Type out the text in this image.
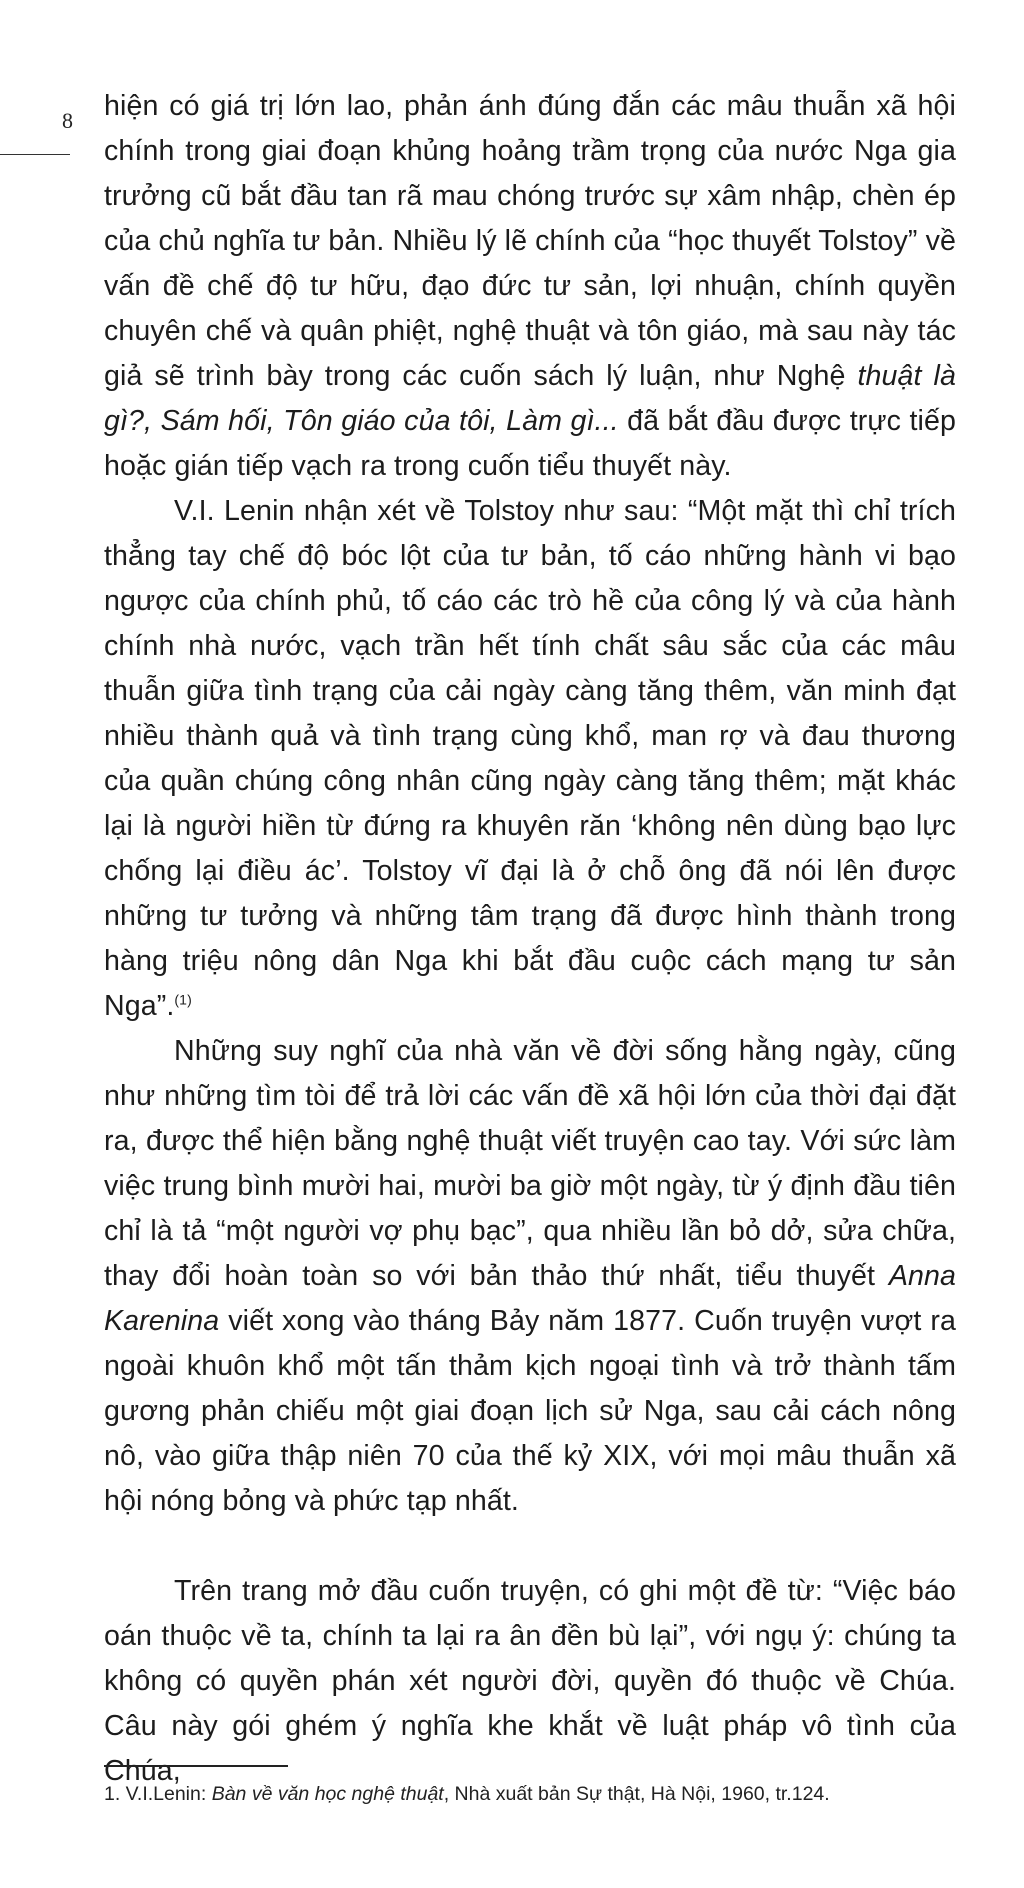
8 hiện có giá trị lớn lao, phản ánh đúng đắn các mâu thuẫn xã hội chính trong giai đoạn khủng hoảng trầm trọng của nước Nga gia trưởng cũ bắt đầu tan rã mau chóng trước sự xâm nhập, chèn ép của chủ nghĩa tư bản. Nhiều lý lẽ chính của “học thuyết Tolstoy” về vấn đề chế độ tư hữu, đạo đức tư sản, lợi nhuận, chính quyền chuyên chế và quân phiệt, nghệ thuật và tôn giáo, mà sau này tác giả sẽ trình bày trong các cuốn sách lý luận, như Nghệ thuật là gì?, Sám hối, Tôn giáo của tôi, Làm gì... đã bắt đầu được trực tiếp hoặc gián tiếp vạch ra trong cuốn tiểu thuyết này.

V.I. Lenin nhận xét về Tolstoy như sau: “Một mặt thì chỉ trích thẳng tay chế độ bóc lột của tư bản, tố cáo những hành vi bạo ngược của chính phủ, tố cáo các trò hề của công lý và của hành chính nhà nước, vạch trần hết tính chất sâu sắc của các mâu thuẫn giữa tình trạng của cải ngày càng tăng thêm, văn minh đạt nhiều thành quả và tình trạng cùng khổ, man rợ và đau thương của quần chúng công nhân cũng ngày càng tăng thêm; mặt khác lại là người hiền từ đứng ra khuyên răn ‘không nên dùng bạo lực chống lại điều ác’. Tolstoy vĩ đại là ở chỗ ông đã nói lên được những tư tưởng và những tâm trạng đã được hình thành trong hàng triệu nông dân Nga khi bắt đầu cuộc cách mạng tư sản Nga”.$^{(1)}$

Những suy nghĩ của nhà văn về đời sống hằng ngày, cũng như những tìm tòi để trả lời các vấn đề xã hội lớn của thời đại đặt ra, được thể hiện bằng nghệ thuật viết truyện cao tay. Với sức làm việc trung bình mười hai, mười ba giờ một ngày, từ ý định đầu tiên chỉ là tả “một người vợ phụ bạc”, qua nhiều lần bỏ dở, sửa chữa, thay đổi hoàn toàn so với bản thảo thứ nhất, tiểu thuyết Anna Karenina viết xong vào tháng Bảy năm 1877. Cuốn truyện vượt ra ngoài khuôn khổ một tấn thảm kịch ngoại tình và trở thành tấm gương phản chiếu một giai đoạn lịch sử Nga, sau cải cách nông nô, vào giữa thập niên 70 của thế kỷ XIX, với mọi mâu thuẫn xã hội nóng bỏng và phức tạp nhất.

Trên trang mở đầu cuốn truyện, có ghi một đề từ: “Việc báo oán thuộc về ta, chính ta lại ra ân đền bù lại”, với ngụ ý: chúng ta không có quyền phán xét người đời, quyền đó thuộc về Chúa. Câu này gói ghém ý nghĩa khe khắt về luật pháp vô tình của Chúa,

1. V.I.Lenin: Bàn về văn học nghệ thuật, Nhà xuất bản Sự thật, Hà Nội, 1960, tr.124.
